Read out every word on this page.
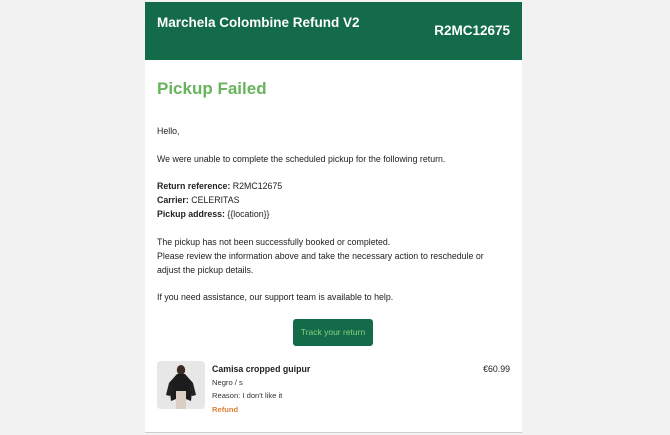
Marchela Colombine Refund V2
R2MC12675
Pickup Failed
Hello,
We were unable to complete the scheduled pickup for the following return.
Return reference: R2MC12675
Carrier: CELERITAS
Pickup address: {{location}}
The pickup has not been successfully booked or completed.
Please review the information above and take the necessary action to reschedule or
adjust the pickup details.
If you need assistance, our support team is available to help.
Track your return
Camisa cropped guipur	€60.99
Negro / s
Reason: I don't like it
Refund
